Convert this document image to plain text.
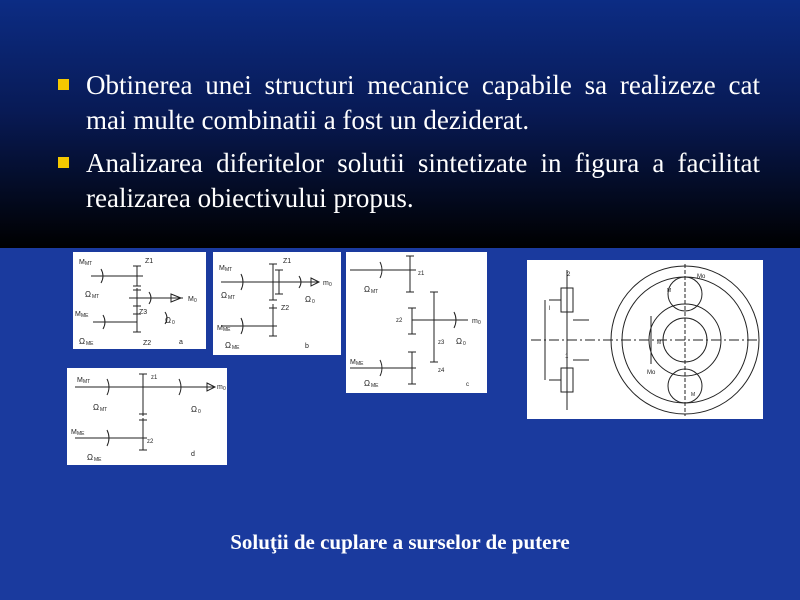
Obtinerea unei structuri mecanice capabile sa realizeze cat mai multe combinatii a fost un deziderat.
Analizarea diferitelor solutii sintetizate in figura a facilitat realizarea obiectivului propus.
M MT
Ω MT
M ME
Ω ME
Z1
Z3
Z2
M 0
Ω 0
a
M MT
Ω MT
M ME
Ω ME
Z1
Z2
m 0
Ω 0
b
Ω MT
z1
z2
z3
z4
m 0
Ω 0
M ME
Ω ME	c
M MT
Ω MT
M ME
Ω ME
z1
z2
m 0
Ω 0
d
2
1
l
Mo
Mo
M
M
M
Soluţii de cuplare a surselor de putere
